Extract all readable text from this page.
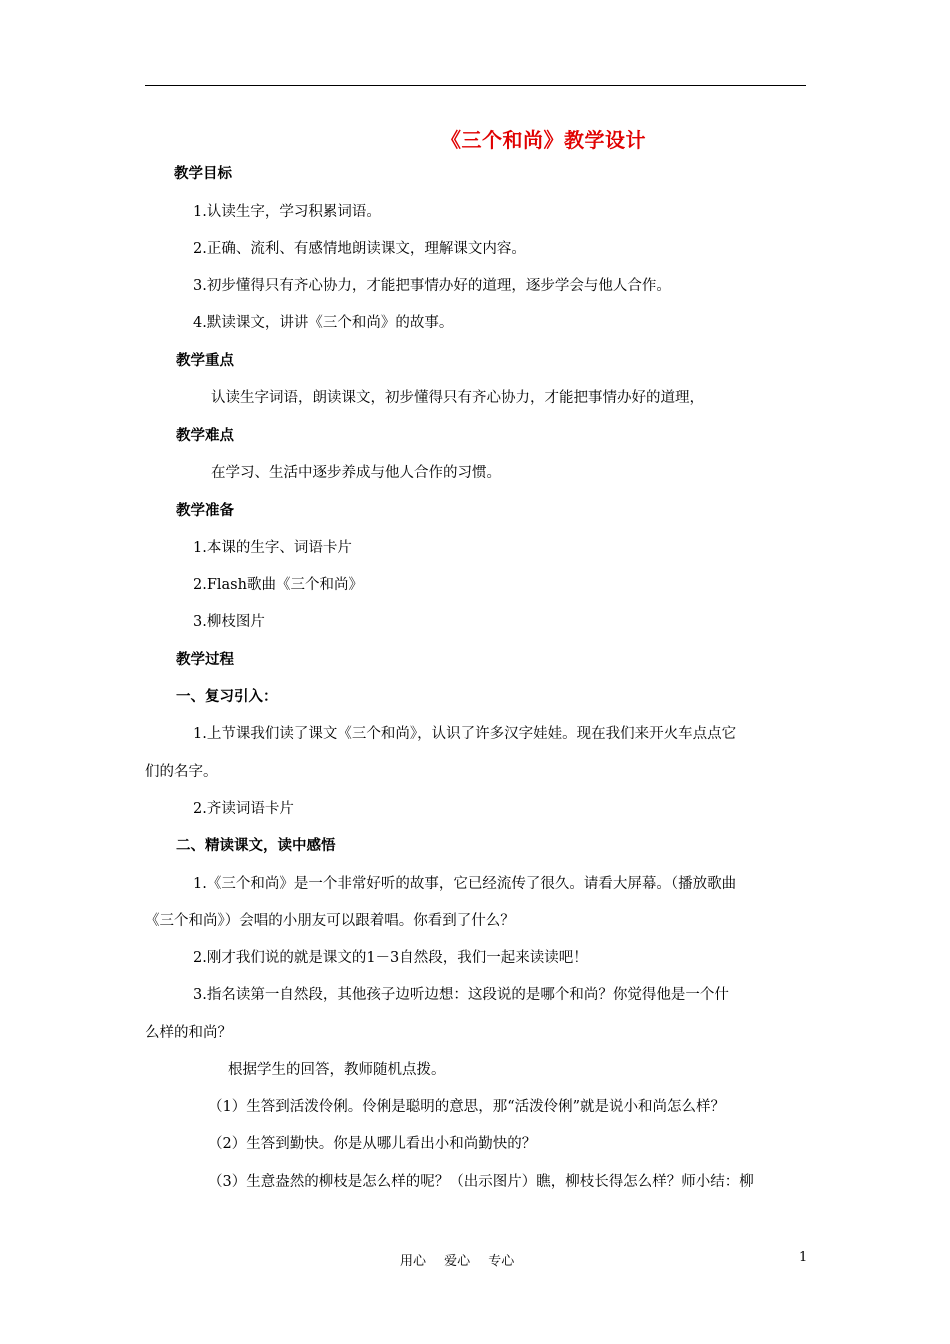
《三个和尚》教学设计
教学目标
1.认读生字，学习积累词语。
2.正确、流利、有感情地朗读课文，理解课文内容。
3.初步懂得只有齐心协力，才能把事情办好的道理，逐步学会与他人合作。
4.默读课文，讲讲《三个和尚》的故事。
教学重点
认读生字词语，朗读课文，初步懂得只有齐心协力，才能把事情办好的道理，
教学难点
在学习、生活中逐步养成与他人合作的习惯。
教学准备
1.本课的生字、词语卡片
2.Flash歌曲《三个和尚》
3.柳枝图片
教学过程
一、复习引入：
1.上节课我们读了课文《三个和尚》，认识了许多汉字娃娃。现在我们来开火车点点它
们的名字。
2.齐读词语卡片
二、精读课文，读中感悟
1.《三个和尚》是一个非常好听的故事，它已经流传了很久。请看大屏幕。（播放歌曲
《三个和尚》）会唱的小朋友可以跟着唱。你看到了什么？
2.刚才我们说的就是课文的1－3自然段，我们一起来读读吧！
3.指名读第一自然段，其他孩子边听边想：这段说的是哪个和尚？你觉得他是一个什
么样的和尚？
根据学生的回答，教师随机点拨。
（1）生答到活泼伶俐。伶俐是聪明的意思，那“活泼伶俐”就是说小和尚怎么样？
（2）生答到勤快。你是从哪儿看出小和尚勤快的？
（3）生意盎然的柳枝是怎么样的呢？（出示图片）瞧，柳枝长得怎么样？师小结：柳
用心 爱心 专心	1
